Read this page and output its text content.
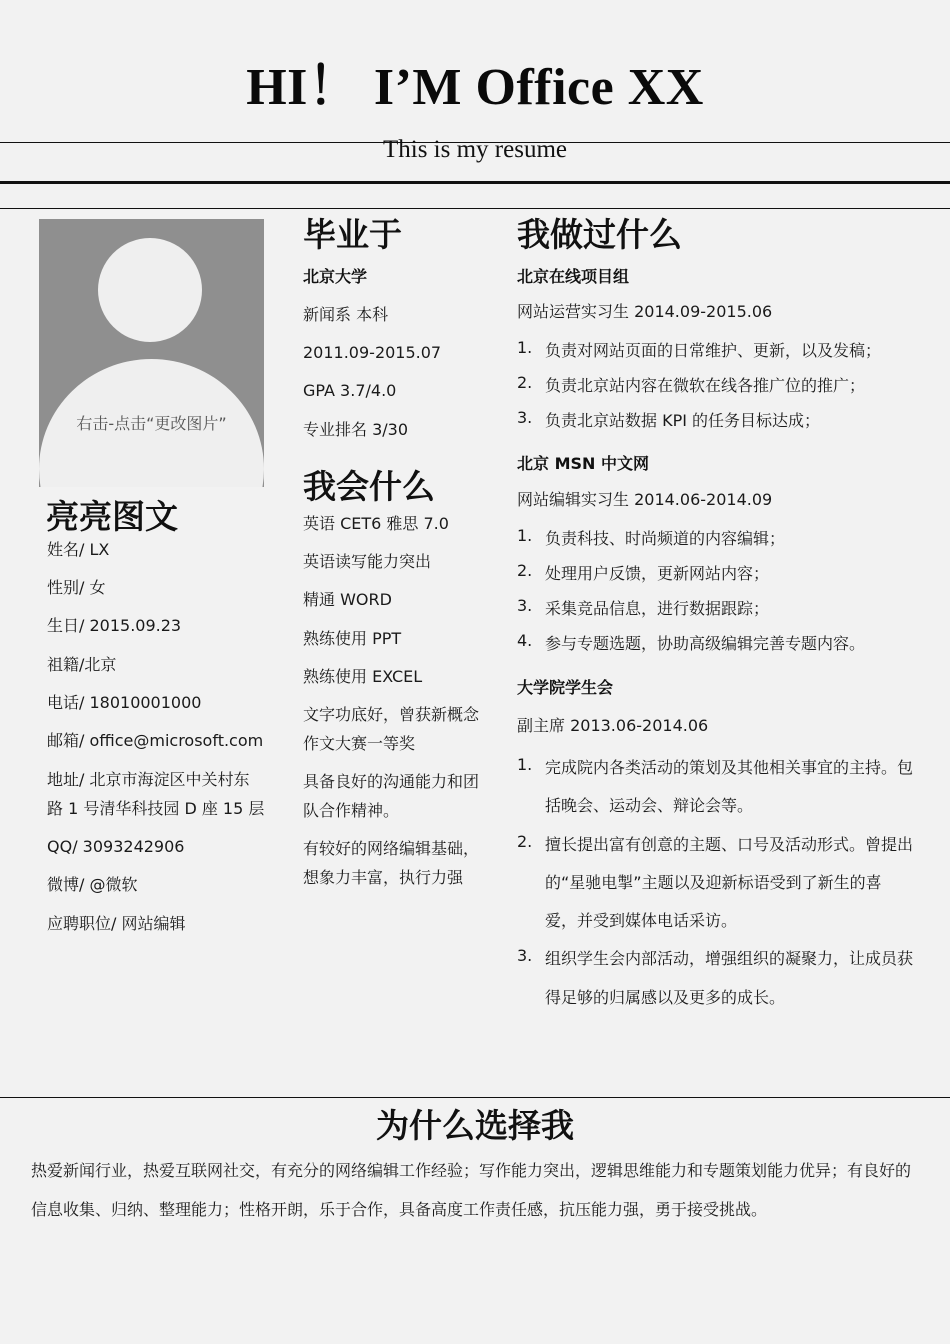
HI！ I’M Office XX
This is my resume
右击-点击“更改图片”
亮亮图文
姓名/ LX
性别/ 女
生日/ 2015.09.23
祖籍/北京
电话/ 18010001000
邮箱/ office@microsoft.com
地址/ 北京市海淀区中关村东
路 1 号清华科技园 D 座 15 层
QQ/ 3093242906
微博/ @微软
应聘职位/ 网站编辑
毕业于
北京大学
新闻系 本科
2011.09-2015.07
GPA 3.7/4.0
专业排名 3/30
我会什么
英语 CET6 雅思 7.0
英语读写能力突出
精通 WORD
熟练使用 PPT
熟练使用 EXCEL
文字功底好，曾获新概念
作文大赛一等奖
具备良好的沟通能力和团
队合作精神。
有较好的网络编辑基础，
想象力丰富，执行力强
我做过什么
北京在线项目组
网站运营实习生 2014.09-2015.06
1. 负责对网站页面的日常维护、更新，以及发稿；
2. 负责北京站内容在微软在线各推广位的推广；
3. 负责北京站数据 KPI 的任务目标达成；
北京 MSN 中文网
网站编辑实习生 2014.06-2014.09
1. 负责科技、时尚频道的内容编辑；
2. 处理用户反馈，更新网站内容；
3. 采集竞品信息，进行数据跟踪；
4. 参与专题选题，协助高级编辑完善专题内容。
大学院学生会
副主席 2013.06-2014.06
1. 完成院内各类活动的策划及其他相关事宜的主持。包
括晚会、运动会、辩论会等。
2. 擅长提出富有创意的主题、口号及活动形式。曾提出
的“星驰电掣”主题以及迎新标语受到了新生的喜
爱，并受到媒体电话采访。
3. 组织学生会内部活动，增强组织的凝聚力，让成员获
得足够的归属感以及更多的成长。
为什么选择我
热爱新闻行业，热爱互联网社交，有充分的网络编辑工作经验；写作能力突出，逻辑思维能力和专题策划能力优异；有良好的
信息收集、归纳、整理能力；性格开朗，乐于合作，具备高度工作责任感，抗压能力强，勇于接受挑战。
